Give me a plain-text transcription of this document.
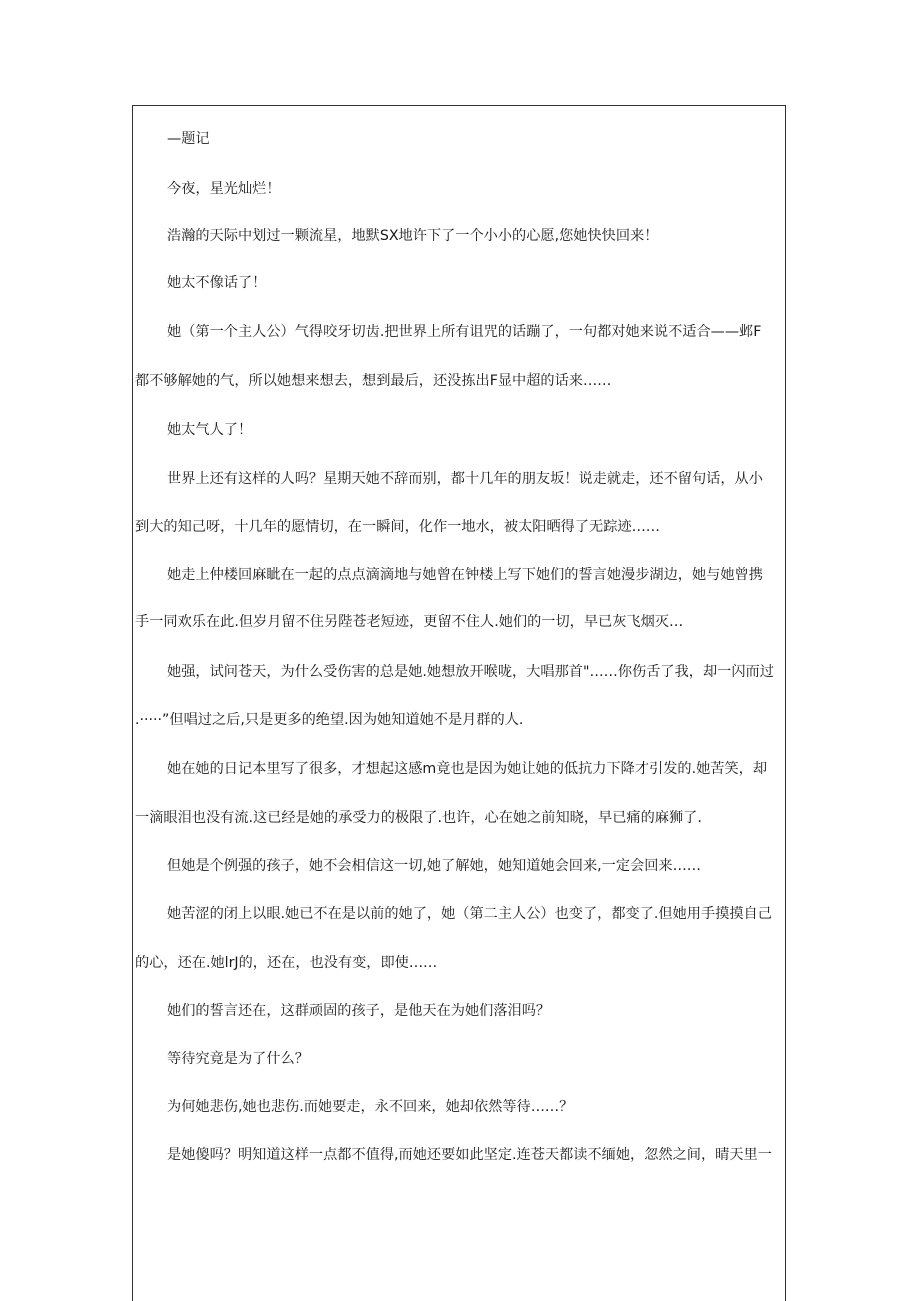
—题记
今夜，星光灿烂！
浩瀚的天际中划过一颗流星，地默SX地许下了一个小小的心愿,您她快快回来！
她太不像话了！
她（第一个主人公）气得咬牙切齿.把世界上所有诅咒的话蹦了，一句都对她来说不适合——邺F
都不够解她的气，所以她想来想去，想到最后，还没拣出F显中超的话来……
她太气人了！
世界上还有这样的人吗？星期天她不辞而别，都十几年的朋友坂！说走就走，还不留句话，从小
到大的知己呀，十几年的愿情切，在一瞬间，化作一地水，被太阳晒得了无踪迹……
她走上仲楼回麻眦在一起的点点滴滴地与她曾在钟楼上写下她们的誓言她漫步湖边，她与她曾携
手一同欢乐在此.但岁月留不住另陛苍老短迹，更留不住人.她们的一切，早已灰飞烟灭…
她强，试问苍天，为什么受伤害的总是她.她想放开喉咙，大唱那首"……你伤舌了我，却一闪而过
.·····”但唱过之后,只是更多的绝望.因为她知道她不是月群的人.
她在她的日记本里写了很多，才想起这感m竟也是因为她让她的低抗力下降才引发的.她苦笑，却
一滴眼泪也没有流.这已经是她的承受力的极限了.也许，心在她之前知晓，早已痛的麻狮了.
但她是个例强的孩子，她不会相信这一切,她了解她，她知道她会回来,一定会回来……
她苦涩的闭上以眼.她已不在是以前的她了，她（第二主人公）也变了，都变了.但她用手摸摸自己
的心，还在.她lrJ的，还在，也没有变，即使……
她们的誓言还在，这群顽固的孩子，是他天在为她们落泪吗？
等待究竟是为了什么？
为何她悲伤,她也悲伤.而她要走，永不回来，她却依然等待……？
是她傻吗？明知道这样一点都不值得,而她还要如此坚定.连苍天都读不缅她，忽然之间，晴天里一
